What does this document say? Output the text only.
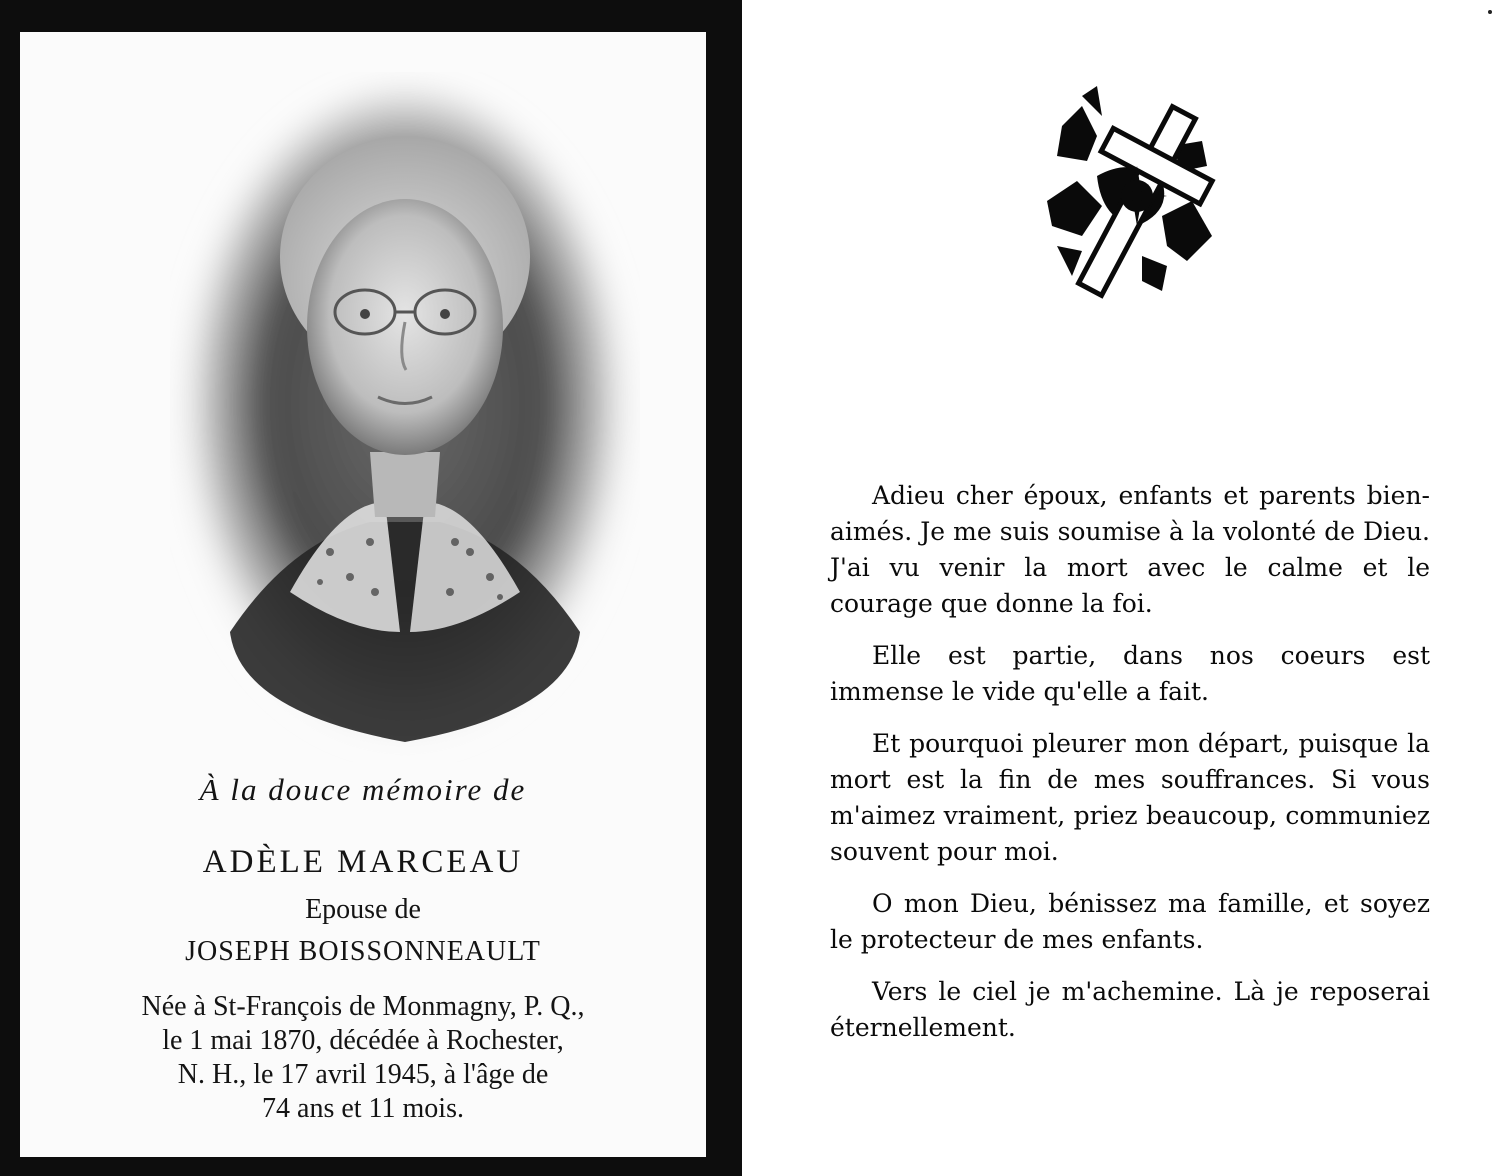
À la douce mémoire de
ADÈLE MARCEAU
Epouse de
JOSEPH BOISSONNEAULT
Née à St-François de Monmagny, P. Q.,
le 1 mai 1870, décédée à Rochester,
N. H., le 17 avril 1945, à l'âge de
74 ans et 11 mois.

Adieu cher époux, enfants et parents bien-aimés. Je me suis soumise à la volonté de Dieu. J'ai vu venir la mort avec le calme et le courage que donne la foi.

Elle est partie, dans nos coeurs est immense le vide qu'elle a fait.

Et pourquoi pleurer mon départ, puisque la mort est la fin de mes souffrances. Si vous m'aimez vraiment, priez beaucoup, communiez souvent pour moi.

O mon Dieu, bénissez ma famille, et soyez le protecteur de mes enfants.

Vers le ciel je m'achemine. Là je reposerai éternellement.
